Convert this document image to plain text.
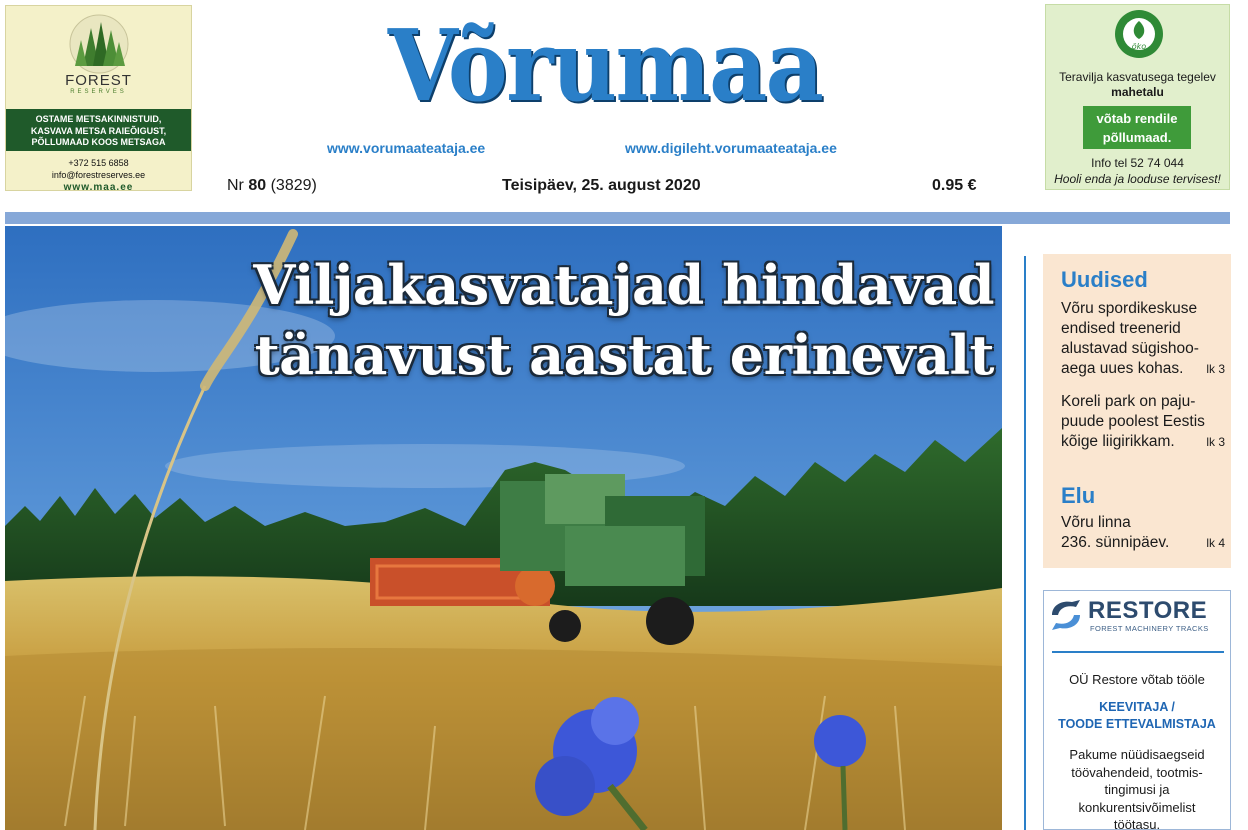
FOREST
RESERVES
OSTAME METSAKINNISTUID,
KASVAVA METSA RAIEÕIGUST,
PÕLLUMAAD KOOS METSAGA
+372 515 6858
info@forestreserves.ee
www.maa.ee
Võrumaa
www.vorumaateataja.ee	www.digileht.vorumaateataja.ee
Nr 80 (3829)	Teisipäev, 25. august 2020	0.95 €
öko
Teravilja kasvatusega tegelev
mahetalu
võtab rendile
põllumaad.
Info tel 52 74 044
Hooli enda ja looduse tervisest!
Viljakasvatajad hindavad
tänavust aastat erinevalt
Uudised
Võru spordikeskuse
endised treenerid
alustavad sügishoo-
aega uues kohas.	lk 3
Koreli park on paju-
puude poolest Eestis
kõige liigirikkam.	lk 3
Elu
Võru linna
236. sünnipäev.	lk 4
RESTORE
FOREST MACHINERY TRACKS
OÜ Restore võtab tööle
KEEVITAJA /
TOODE ETTEVALMISTAJA
Pakume nüüdisaegseid
töövahendeid, tootmis-
tingimusi ja
konkurentsivõimelist
töötasu.
